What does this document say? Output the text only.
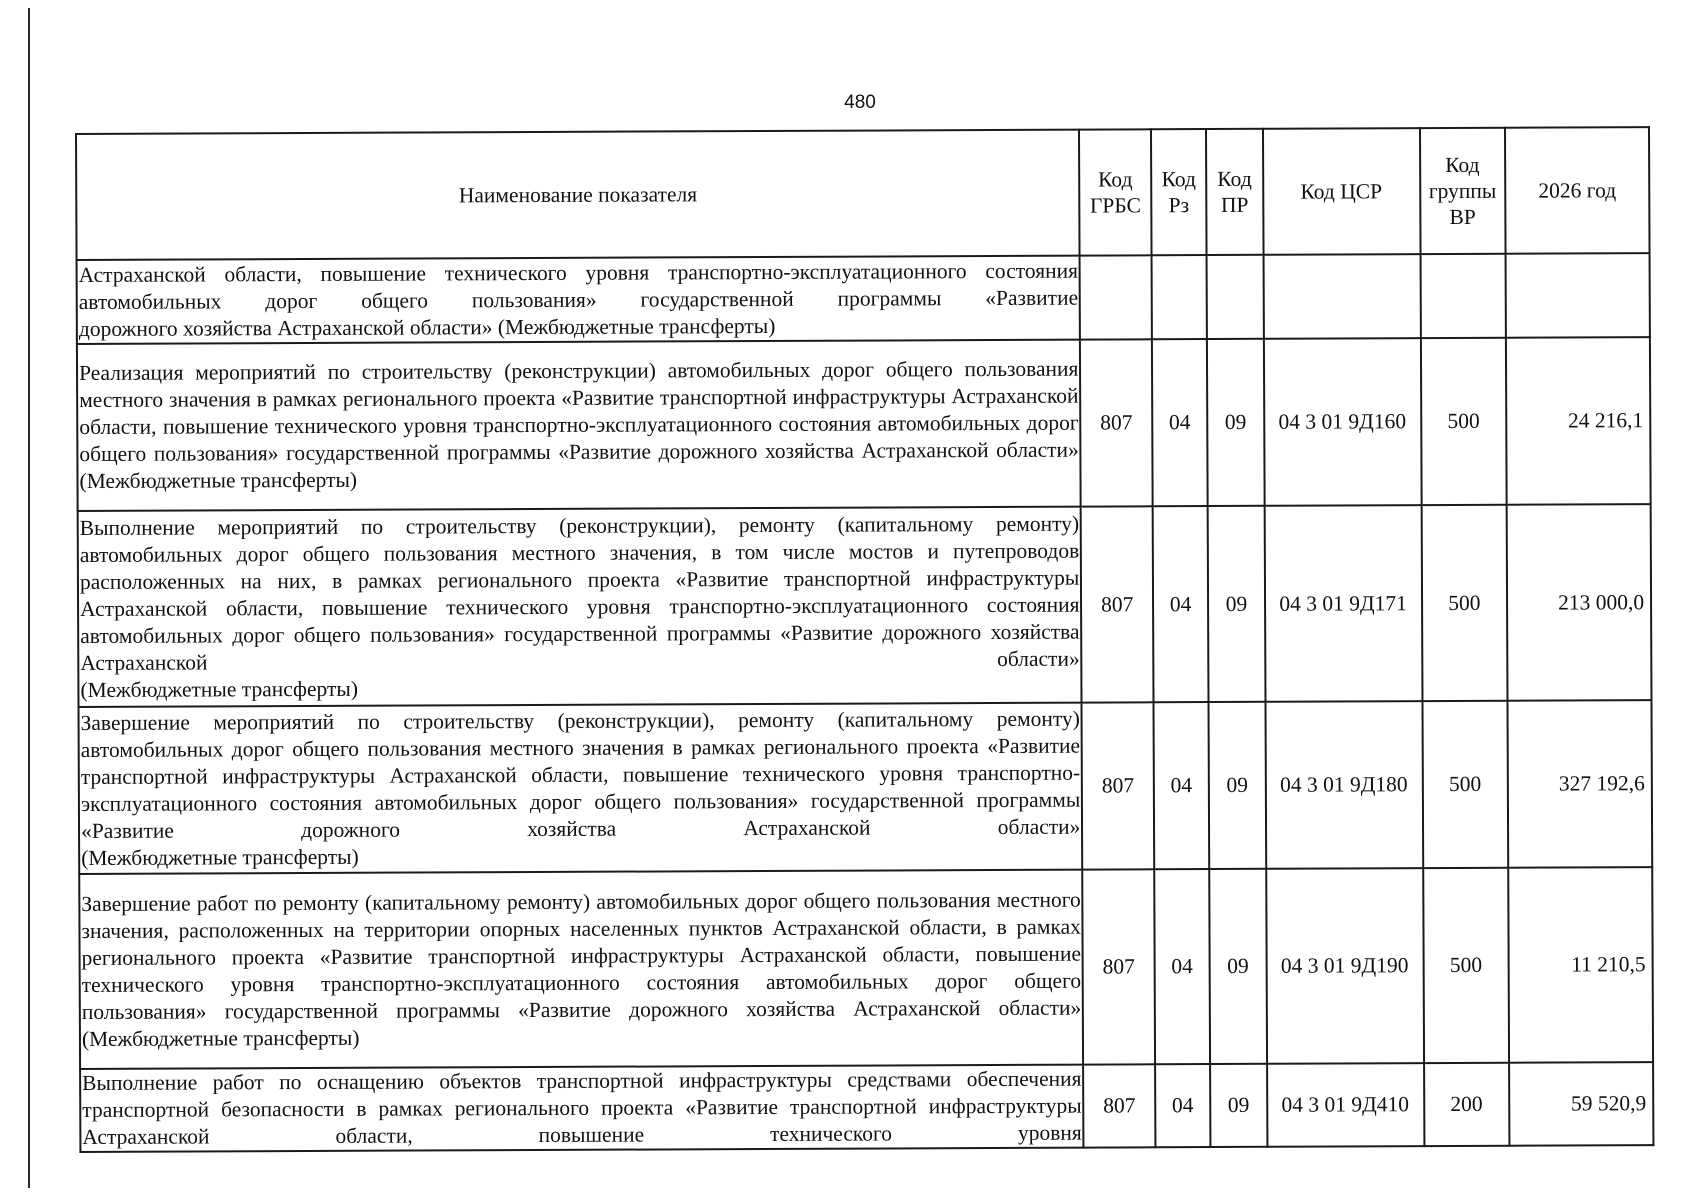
480
Наименование показателя	Код ГРБС	Код Рз	Код ПР	Код ЦСР	Код группы ВР	2026 год
Астраханской области, повышение технического уровня транспортно-эксплуатационного состояния автомобильных дорог общего пользования» государственной программы «Развитие
дорожного хозяйства Астраханской области» (Межбюджетные трансферты)						

Реализация мероприятий по строительству (реконструкции) автомобильных дорог общего пользования местного значения в рамках регионального проекта «Развитие транспортной инфраструктуры Астраханской области, повышение технического уровня транспортно-эксплуатационного состояния автомобильных дорог общего пользования» государственной программы «Развитие дорожного хозяйства Астраханской области»
(Межбюджетные трансферты)	807	04	09	04 3 01 9Д160	500	24 216,1
Выполнение мероприятий по строительству (реконструкции), ремонту (капитальному ремонту) автомобильных дорог общего пользования местного значения, в том числе мостов и путепроводов расположенных на них, в рамках регионального проекта «Развитие транспортной инфраструктуры Астраханской области, повышение технического уровня транспортно-эксплуатационного состояния автомобильных дорог общего пользования» государственной программы «Развитие дорожного хозяйства Астраханской области»
(Межбюджетные трансферты)	807	04	09	04 3 01 9Д171	500	213 000,0
Завершение мероприятий по строительству (реконструкции), ремонту (капитальному ремонту) автомобильных дорог общего пользования местного значения в рамках регионального проекта «Развитие транспортной инфраструктуры Астраханской области, повышение технического уровня транспортно-эксплуатационного состояния автомобильных дорог общего пользования» государственной программы «Развитие дорожного хозяйства Астраханской области»
(Межбюджетные трансферты)	807	04	09	04 3 01 9Д180	500	327 192,6
Завершение работ по ремонту (капитальному ремонту) автомобильных дорог общего пользования местного значения, расположенных на территории опорных населенных пунктов Астраханской области, в рамках регионального проекта «Развитие транспортной инфраструктуры Астраханской области, повышение технического уровня транспортно-эксплуатационного состояния автомобильных дорог общего пользования» государственной программы «Развитие дорожного хозяйства Астраханской области»
(Межбюджетные трансферты)	807	04	09	04 3 01 9Д190	500	11 210,5
Выполнение работ по оснащению объектов транспортной инфраструктуры средствами обеспечения транспортной безопасности в рамках регионального проекта «Развитие транспортной инфраструктуры Астраханской области, повышение технического уровня	807	04	09	04 3 01 9Д410	200	59 520,9
